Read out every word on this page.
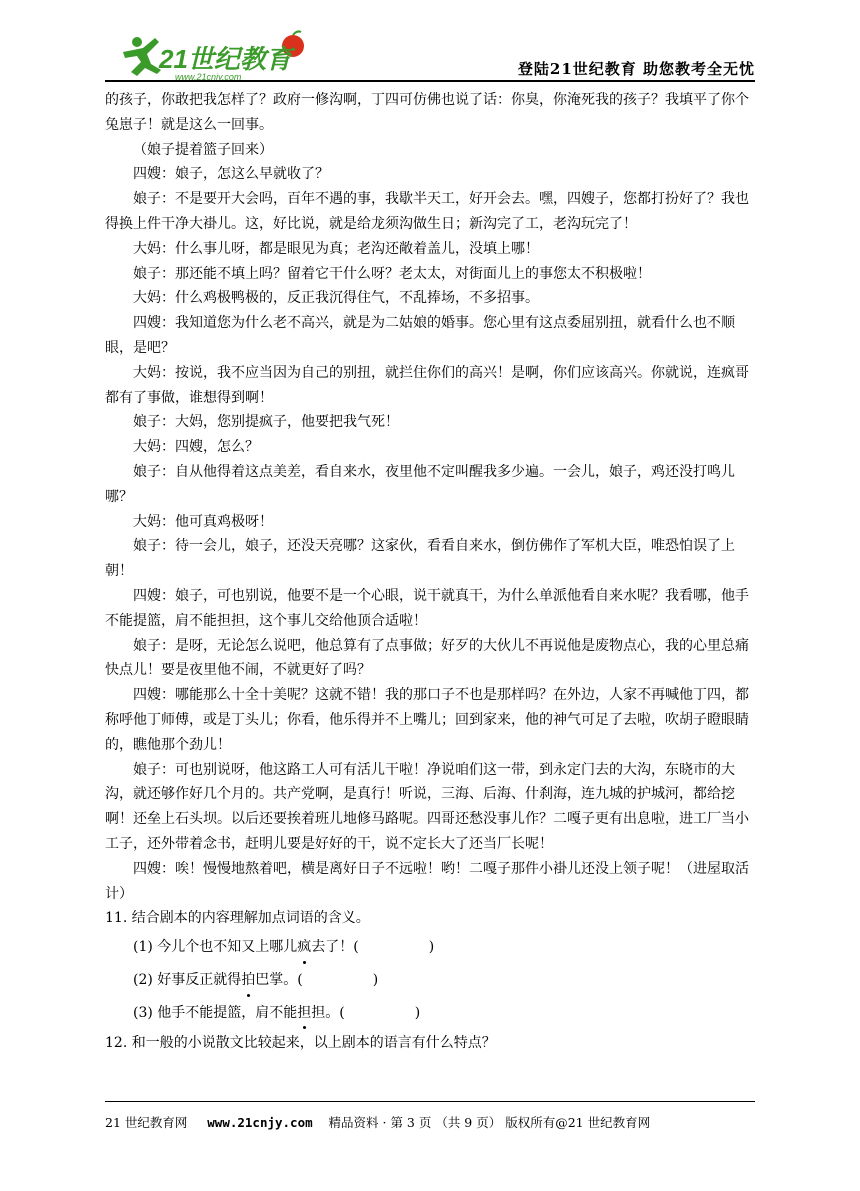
21世纪教育
www.21cnjy.com	登陆21世纪教育 助您教考全无忧

的孩子，你敢把我怎样了？政府一修沟啊，丁四可仿佛也说了话：你臭，你淹死我的孩子？我填平了你个兔崽子！就是这么一回事。

（娘子提着篮子回来）

四嫂：娘子，怎这么早就收了？

娘子：不是要开大会吗，百年不遇的事，我歇半天工，好开会去。嘿，四嫂子，您都打扮好了？我也得换上件干净大褂儿。这，好比说，就是给龙须沟做生日；新沟完了工，老沟玩完了！

大妈：什么事儿呀，都是眼见为真；老沟还敞着盖儿，没填上哪！

娘子：那还能不填上吗？留着它干什么呀？老太太，对街面儿上的事您太不积极啦！

大妈：什么鸡极鸭极的，反正我沉得住气，不乱捧场，不多招事。

四嫂：我知道您为什么老不高兴，就是为二姑娘的婚事。您心里有这点委屈别扭，就看什么也不顺眼，是吧？

大妈：按说，我不应当因为自己的别扭，就拦住你们的高兴！是啊，你们应该高兴。你就说，连疯哥都有了事做，谁想得到啊！

娘子：大妈，您别提疯子，他要把我气死！

大妈：四嫂，怎么？

娘子：自从他得着这点美差，看自来水，夜里他不定叫醒我多少遍。一会儿，娘子，鸡还没打鸣儿哪？

大妈：他可真鸡极呀！

娘子：待一会儿，娘子，还没天亮哪？这家伙，看看自来水，倒仿佛作了军机大臣，唯恐怕误了上朝！

四嫂：娘子，可也别说，他要不是一个心眼，说干就真干，为什么单派他看自来水呢？我看哪，他手不能提篮，肩不能担担，这个事儿交给他顶合适啦！

娘子：是呀，无论怎么说吧，他总算有了点事做；好歹的大伙儿不再说他是废物点心，我的心里总痛快点儿！要是夜里他不闹，不就更好了吗？

四嫂：哪能那么十全十美呢？这就不错！我的那口子不也是那样吗？在外边，人家不再喊他丁四，都称呼他丁师傅，或是丁头儿；你看，他乐得并不上嘴儿；回到家来，他的神气可足了去啦，吹胡子瞪眼睛的，瞧他那个劲儿！

娘子：可也别说呀，他这路工人可有活儿干啦！净说咱们这一带，到永定门去的大沟，东晓市的大沟，就还够作好几个月的。共产党啊，是真行！听说，三海、后海、什刹海，连九城的护城河，都给挖啊！还垒上石头坝。以后还要挨着班儿地修马路呢。四哥还愁没事儿作？二嘎子更有出息啦，进工厂当小工子，还外带着念书，赶明儿要是好好的干，说不定长大了还当厂长呢！

四嫂：唉！慢慢地熬着吧，横是离好日子不远啦！哟！二嘎子那件小褂儿还没上领子呢！（进屋取活计）

11. 结合剧本的内容理解加点词语的含义。

(1) 今儿个也不知又上哪儿疯去了！(	)

(2) 好事反正就得拍巴掌。(	)

(3) 他手不能提篮，肩不能担担。(	)

12. 和一般的小说散文比较起来，以上剧本的语言有什么特点？

21 世纪教育网 www.21cnjy.com 精品资料 · 第 3 页 （共 9 页） 版权所有@21 世纪教育网
